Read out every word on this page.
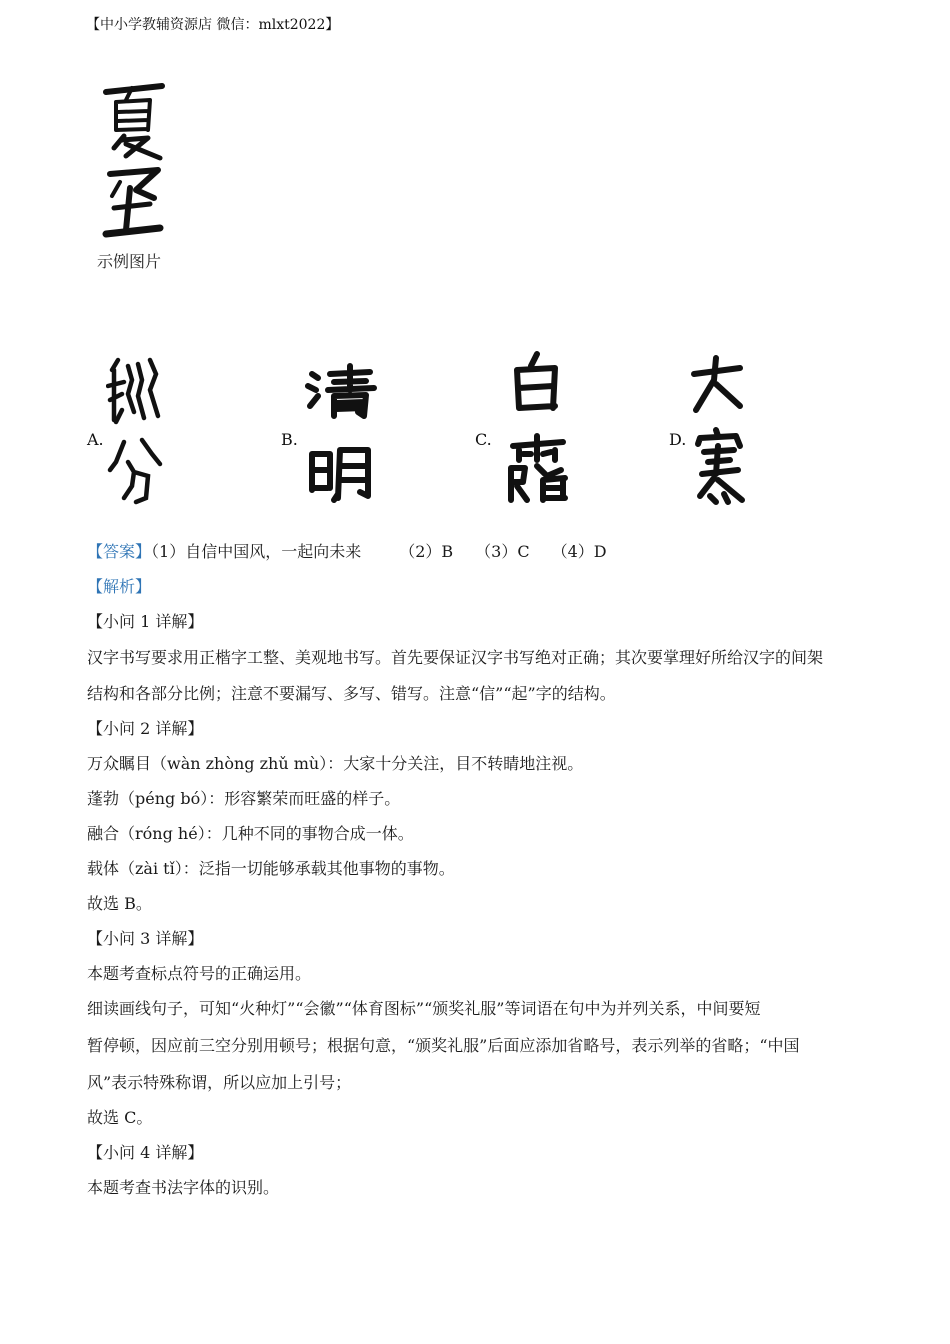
【中小学教辅资源店 微信：mlxt2022】
示例图片
A.	B.	C.	D.
【答案】（1）自信中国风，一起向未来 （2）B （3）C （4）D
【解析】
【小问 1 详解】
汉字书写要求用正楷字工整、美观地书写。首先要保证汉字书写绝对正确；其次要掌理好所给汉字的间架
结构和各部分比例；注意不要漏写、多写、错写。注意“信”“起”字的结构。
【小问 2 详解】
万众瞩目（wàn zhòng zhǔ mù）：大家十分关注，目不转睛地注视。
蓬勃（péng bó）：形容繁荣而旺盛的样子。
融合（róng hé）：几种不同的事物合成一体。
载体（zài tǐ）：泛指一切能够承载其他事物的事物。
故选 B。
【小问 3 详解】
本题考查标点符号的正确运用。
细读画线句子，可知“火种灯”“会徽”“体育图标”“颁奖礼服”等词语在句中为并列关系，中间要短
暂停顿，因应前三空分别用顿号；根据句意，“颁奖礼服”后面应添加省略号，表示列举的省略；“中国
风”表示特殊称谓，所以应加上引号；
故选 C。
【小问 4 详解】
本题考查书法字体的识别。
